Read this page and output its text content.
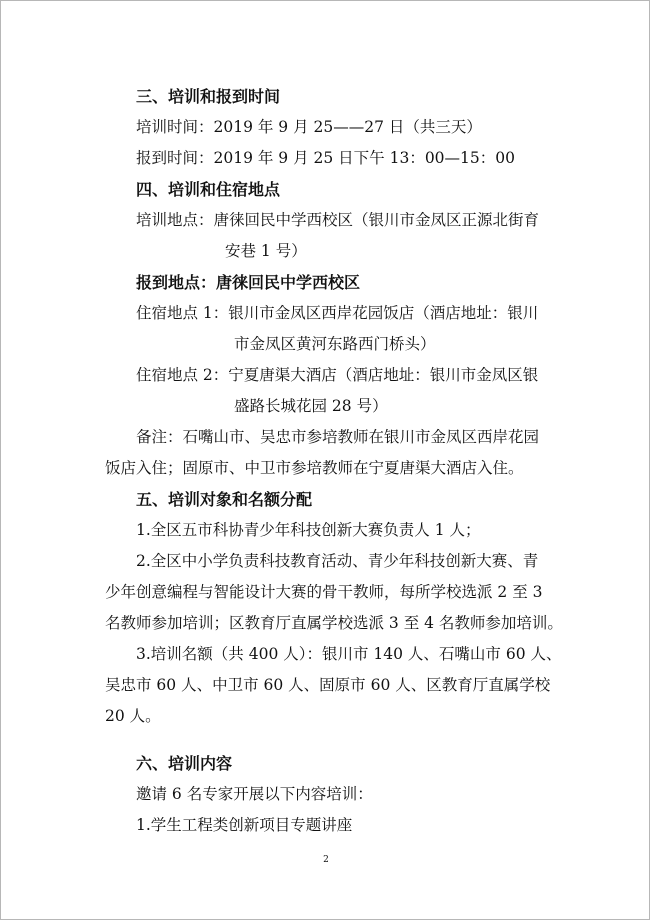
三、培训和报到时间
培训时间：2019 年 9 月 25——27 日（共三天）
报到时间：2019 年 9 月 25 日下午 13：00—15：00
四、培训和住宿地点
培训地点：唐徕回民中学西校区（银川市金凤区正源北街育
安巷 1 号）
报到地点：唐徕回民中学西校区
住宿地点 1：银川市金凤区西岸花园饭店（酒店地址：银川
市金凤区黄河东路西门桥头）
住宿地点 2：宁夏唐渠大酒店（酒店地址：银川市金凤区银
盛路长城花园 28 号）
备注：石嘴山市、吴忠市参培教师在银川市金凤区西岸花园
饭店入住；固原市、中卫市参培教师在宁夏唐渠大酒店入住。
五、培训对象和名额分配
1.全区五市科协青少年科技创新大赛负责人 1 人；
2.全区中小学负责科技教育活动、青少年科技创新大赛、青
少年创意编程与智能设计大赛的骨干教师，每所学校选派 2 至 3
名教师参加培训；区教育厅直属学校选派 3 至 4 名教师参加培训。
3.培训名额（共 400 人）：银川市 140 人、石嘴山市 60 人、
吴忠市 60 人、中卫市 60 人、固原市 60 人、区教育厅直属学校
20 人。
六、培训内容
邀请 6 名专家开展以下内容培训：
1.学生工程类创新项目专题讲座
2
